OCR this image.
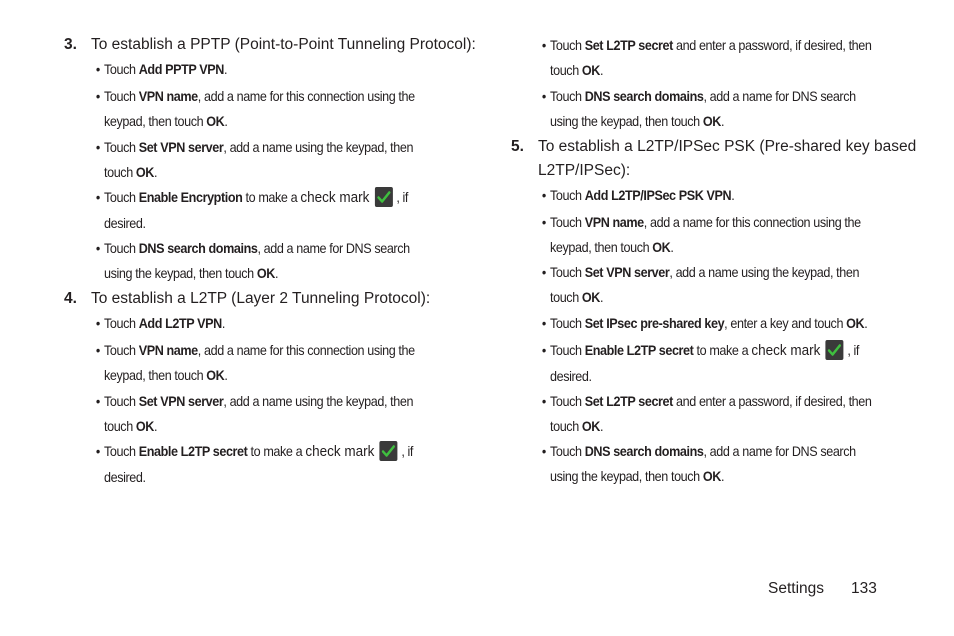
3. To establish a PPTP (Point-to-Point Tunneling Protocol):
• Touch Add PPTP VPN.
• Touch VPN name, add a name for this connection using the
keypad, then touch OK.
• Touch Set VPN server, add a name using the keypad, then
touch OK.
• Touch Enable Encryption to make a check mark , if
desired.
• Touch DNS search domains, add a name for DNS search
using the keypad, then touch OK.
4. To establish a L2TP (Layer 2 Tunneling Protocol):
• Touch Add L2TP VPN.
• Touch VPN name, add a name for this connection using the
keypad, then touch OK.
• Touch Set VPN server, add a name using the keypad, then
touch OK.
• Touch Enable L2TP secret to make a check mark , if
desired.
• Touch Set L2TP secret and enter a password, if desired, then
touch OK.
• Touch DNS search domains, add a name for DNS search
using the keypad, then touch OK.
5. To establish a L2TP/IPSec PSK (Pre-shared key based
L2TP/IPSec):
• Touch Add L2TP/IPSec PSK VPN.
• Touch VPN name, add a name for this connection using the
keypad, then touch OK.
• Touch Set VPN server, add a name using the keypad, then
touch OK.
• Touch Set IPsec pre-shared key, enter a key and touch OK.
• Touch Enable L2TP secret to make a check mark , if
desired.
• Touch Set L2TP secret and enter a password, if desired, then
touch OK.
• Touch DNS search domains, add a name for DNS search
using the keypad, then touch OK.
Settings 133
